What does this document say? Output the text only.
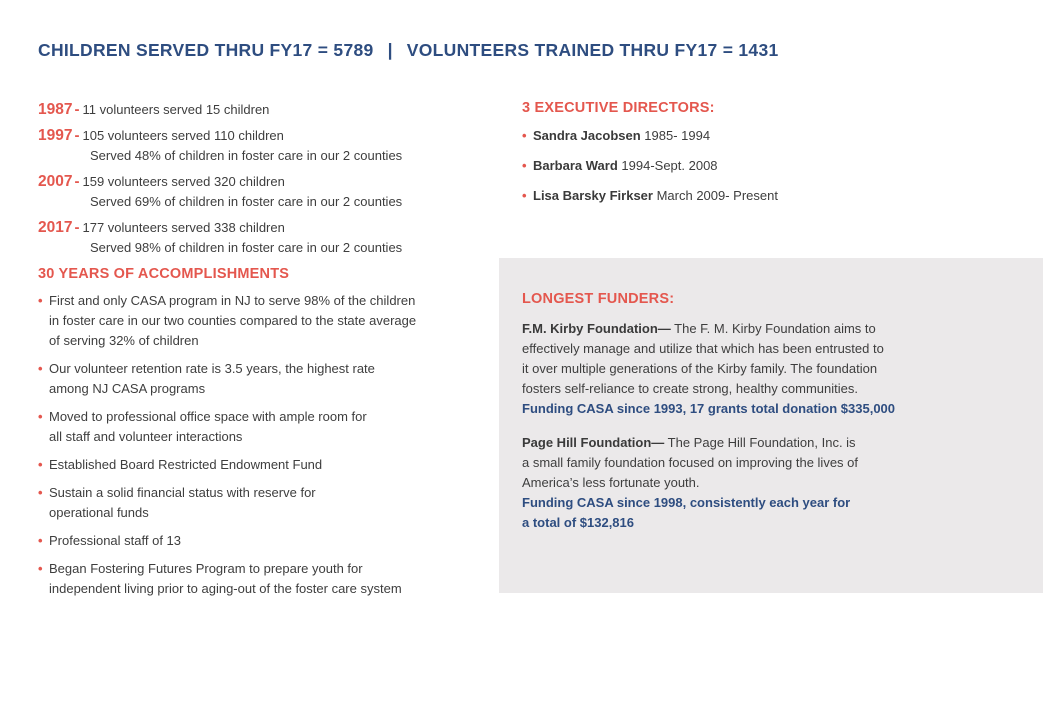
CHILDREN SERVED THRU FY17 = 5789 | VOLUNTEERS TRAINED THRU FY17 = 1431
1987 - 11 volunteers served 15 children
1997 - 105 volunteers served 110 children
Served 48% of children in foster care in our 2 counties
2007 - 159 volunteers served 320 children
Served 69% of children in foster care in our 2 counties
2017 - 177 volunteers served 338 children
Served 98% of children in foster care in our 2 counties
30 YEARS OF ACCOMPLISHMENTS
• First and only CASA program in NJ to serve 98% of the children
in foster care in our two counties compared to the state average
of serving 32% of children
• Our volunteer retention rate is 3.5 years, the highest rate
among NJ CASA programs
• Moved to professional office space with ample room for
all staff and volunteer interactions
• Established Board Restricted Endowment Fund
• Sustain a solid financial status with reserve for
operational funds
• Professional staff of 13
• Began Fostering Futures Program to prepare youth for
independent living prior to aging-out of the foster care system
3 EXECUTIVE DIRECTORS:
• Sandra Jacobsen 1985- 1994
• Barbara Ward 1994-Sept. 2008
• Lisa Barsky Firkser March 2009- Present
LONGEST FUNDERS:
F.M. Kirby Foundation— The F. M. Kirby Foundation aims to
effectively manage and utilize that which has been entrusted to
it over multiple generations of the Kirby family. The foundation
fosters self-reliance to create strong, healthy communities.
Funding CASA since 1993, 17 grants total donation $335,000
Page Hill Foundation— The Page Hill Foundation, Inc. is
a small family foundation focused on improving the lives of
America’s less fortunate youth.
Funding CASA since 1998, consistently each year for
a total of $132,816
